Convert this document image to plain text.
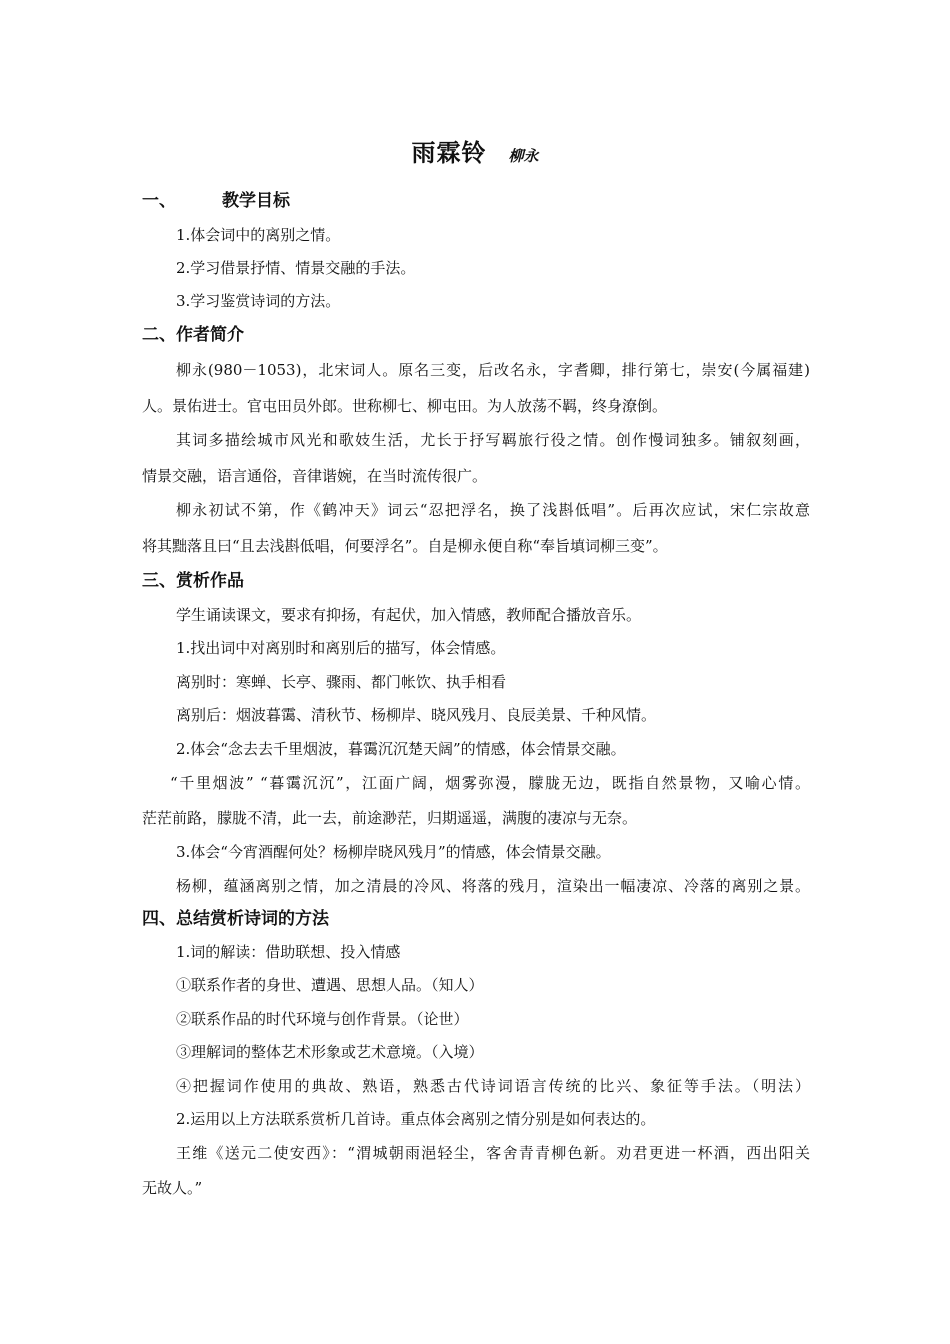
雨霖铃 柳永
一、	教学目标
1.体会词中的离别之情。
2.学习借景抒情、情景交融的手法。
3.学习鉴赏诗词的方法。
二、作者简介
柳永(980－1053)，北宋词人。原名三变，后改名永，字耆卿，排行第七，崇安(今属福建)
人。景佑进士。官屯田员外郎。世称柳七、柳屯田。为人放荡不羁，终身潦倒。
其词多描绘城市风光和歌妓生活，尤长于抒写羁旅行役之情。创作慢词独多。铺叙刻画，
情景交融，语言通俗，音律谐婉，在当时流传很广。
柳永初试不第，作《鹤冲天》词云“忍把浮名，换了浅斟低唱”。后再次应试，宋仁宗故意
将其黜落且曰“且去浅斟低唱，何要浮名”。自是柳永便自称“奉旨填词柳三变”。
三、赏析作品
学生诵读课文，要求有抑扬，有起伏，加入情感，教师配合播放音乐。
1.找出词中对离别时和离别后的描写，体会情感。
离别时：寒蝉、长亭、骤雨、都门帐饮、执手相看
离别后：烟波暮霭、清秋节、杨柳岸、晓风残月、良辰美景、千种风情。
2.体会“念去去千里烟波，暮霭沉沉楚天阔”的情感，体会情景交融。
“千里烟波” “暮霭沉沉”，江面广阔，烟雾弥漫，朦胧无边，既指自然景物，又喻心情。
茫茫前路，朦胧不清，此一去，前途渺茫，归期遥遥，满腹的凄凉与无奈。
3.体会“今宵酒醒何处？杨柳岸晓风残月”的情感，体会情景交融。
杨柳，蕴涵离别之情，加之清晨的冷风、将落的残月，渲染出一幅凄凉、冷落的离别之景。
四、总结赏析诗词的方法
1.词的解读：借助联想、投入情感
①联系作者的身世、遭遇、思想人品。（知人）
②联系作品的时代环境与创作背景。（论世）
③理解词的整体艺术形象或艺术意境。（入境）
④把握词作使用的典故、熟语，熟悉古代诗词语言传统的比兴、象征等手法。（明法）
2.运用以上方法联系赏析几首诗。重点体会离别之情分别是如何表达的。
王维《送元二使安西》：“渭城朝雨浥轻尘，客舍青青柳色新。劝君更进一杯酒，西出阳关
无故人。”
